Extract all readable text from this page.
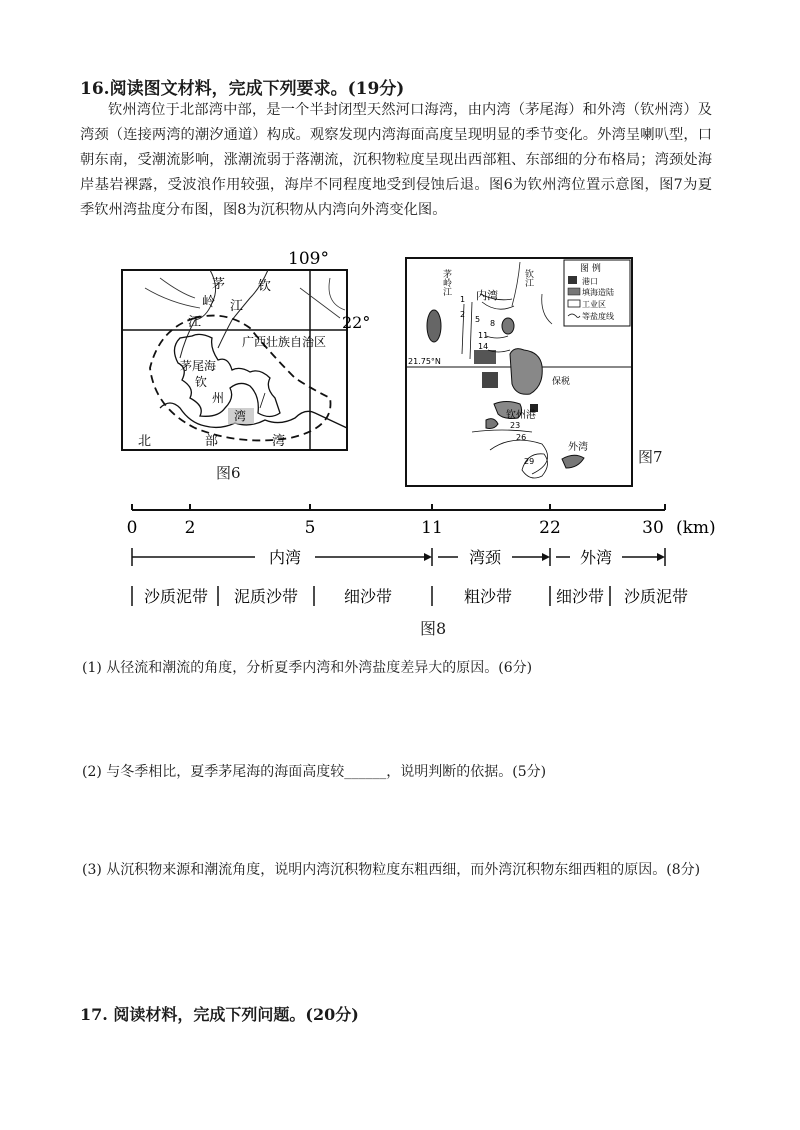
16.阅读图文材料，完成下列要求。(19分)
钦州湾位于北部湾中部，是一个半封闭型天然河口海湾，由内湾（茅尾海）和外湾（钦州湾）及湾颈（连接两湾的潮汐通道）构成。观察发现内湾海面高度呈现明显的季节变化。外湾呈喇叭型，口朝东南，受潮流影响，涨潮流弱于落潮流，沉积物粒度呈现出西部粗、东部细的分布格局；湾颈处海岸基岩裸露，受波浪作用较强，海岸不同程度地受到侵蚀后退。图6为钦州湾位置示意图，图7为夏季钦州湾盐度分布图，图8为沉积物从内湾向外湾变化图。
茅	钦
岭 江
江
广西壮族自治区
茅尾海
钦
州
湾
北	部	湾
109°
22°
图6
图 例
港口
填海造陆
工业区
等盐度线
茅岭江	钦江
内湾
21.75°N
保税
钦州港
外湾
1
2
5 8
11
14
23
26
29	图7
0	2	5	11	22	30 (km)
内湾	湾颈	外湾
沙质泥带 泥质沙带	细沙带	粗沙带	细沙带 沙质泥带
图8
(1) 从径流和潮流的角度，分析夏季内湾和外湾盐度差异大的原因。(6分)
(2) 与冬季相比，夏季茅尾海的海面高度较______，说明判断的依据。(5分)
(3) 从沉积物来源和潮流角度，说明内湾沉积物粒度东粗西细，而外湾沉积物东细西粗的原因。(8分)
17. 阅读材料，完成下列问题。(20分)
